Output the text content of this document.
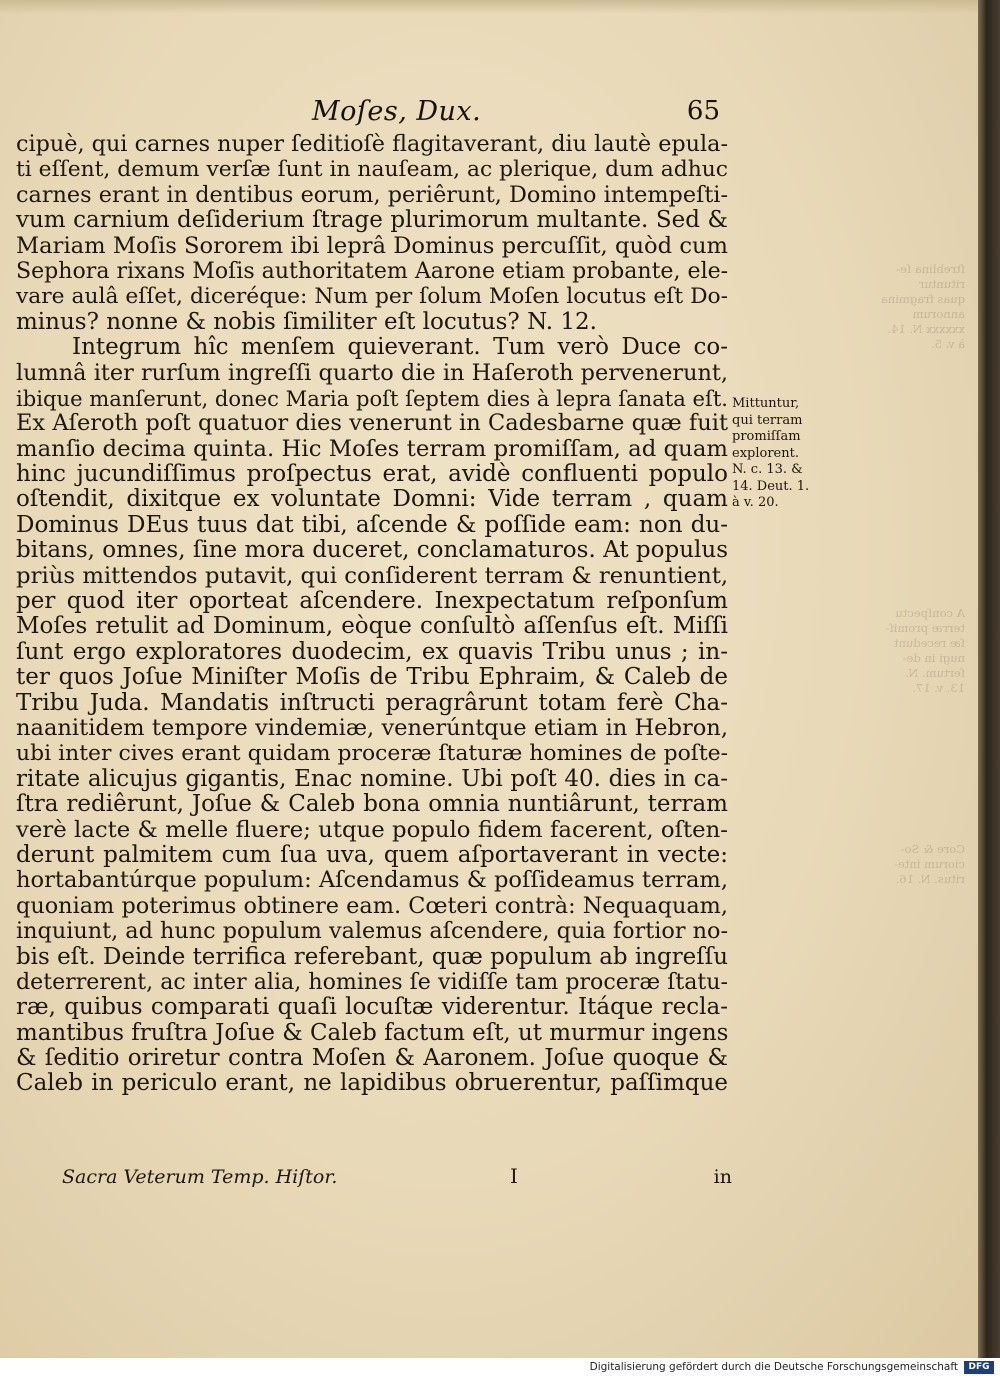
ſtreblina ſe-
rituntur
quas fragmina
annorum
xxxxxx N. 14.
à v. 5.
A conſpectu
terræ promiſ-
ſæ recedunt
nugi in de-
ſertum. N.
13. v. 17.
Core & So-
ciorum inte-
ritus. N. 16.
Moſes, Dux.	65
cipuè, qui carnes nuper ſeditioſè flagitaverant, diu lautè epula-
ti eſſent, demum verſæ ſunt in nauſeam, ac plerique, dum adhuc
carnes erant in dentibus eorum, periêrunt, Domino intempeſti-
vum carnium deſiderium ſtrage plurimorum multante. Sed &
Mariam Moſis Sororem ibi leprâ Dominus percuſſit, quòd cum
Sephora rixans Moſis authoritatem Aarone etiam probante, ele-
vare aulâ eſſet, diceréque: Num per ſolum Moſen locutus eſt Do-
minus? nonne & nobis ſimiliter eſt locutus? N. 12.
Integrum hîc menſem quieverant. Tum verò Duce co-
lumnâ iter rurſum ingreſſi quarto die in Haſeroth pervenerunt,
ibique manſerunt, donec Maria poſt ſeptem dies à lepra ſanata eſt.
Ex Aſeroth poſt quatuor dies venerunt in Cadesbarne quæ fuit
manſio decima quinta. Hic Moſes terram promiſſam, ad quam
hinc jucundiſſimus proſpectus erat, avidè confluenti populo
oſtendit, dixitque ex voluntate Domni: Vide terram , quam
Dominus DEus tuus dat tibi, aſcende & poſſide eam: non du-
bitans, omnes, ſine mora duceret, conclamaturos. At populus
priùs mittendos putavit, qui conſiderent terram & renuntient,
per quod iter oporteat aſcendere. Inexpectatum reſponſum
Moſes retulit ad Dominum, eòque conſultò aſſenſus eſt. Miſſi
ſunt ergo exploratores duodecim, ex quavis Tribu unus ; in-
ter quos Joſue Miniſter Moſis de Tribu Ephraim, & Caleb de
Tribu Juda. Mandatis inſtructi peragrârunt totam ferè Cha-
naanitidem tempore vindemiæ, venerúntque etiam in Hebron,
ubi inter cives erant quidam proceræ ſtaturæ homines de poſte-
ritate alicujus gigantis, Enac nomine. Ubi poſt 40. dies in ca-
ſtra rediêrunt, Joſue & Caleb bona omnia nuntiârunt, terram
verè lacte & melle fluere; utque populo fidem facerent, oſten-
derunt palmitem cum ſua uva, quem aſportaverant in vecte:
hortabantúrque populum: Aſcendamus & poſſideamus terram,
quoniam poterimus obtinere eam. Cœteri contrà: Nequaquam,
inquiunt, ad hunc populum valemus aſcendere, quia fortior no-
bis eſt. Deinde terrifica referebant, quæ populum ab ingreſſu
deterrerent, ac inter alia, homines ſe vidiſſe tam proceræ ſtatu-
ræ, quibus comparati quaſi locuſtæ viderentur. Itáque recla-
mantibus fruſtra Joſue & Caleb factum eſt, ut murmur ingens
& ſeditio oriretur contra Moſen & Aaronem. Joſue quoque &
Caleb in periculo erant, ne lapidibus obruerentur, paſſimque
Mittuntur,
qui terram
promiſſam
explorent.
N. c. 13. &
14. Deut. 1.
à v. 20.
Sacra Veterum Temp. Hiſtor.	I	in
Digitalisierung gefördert durch die Deutsche Forschungsgemeinschaft	DFG
